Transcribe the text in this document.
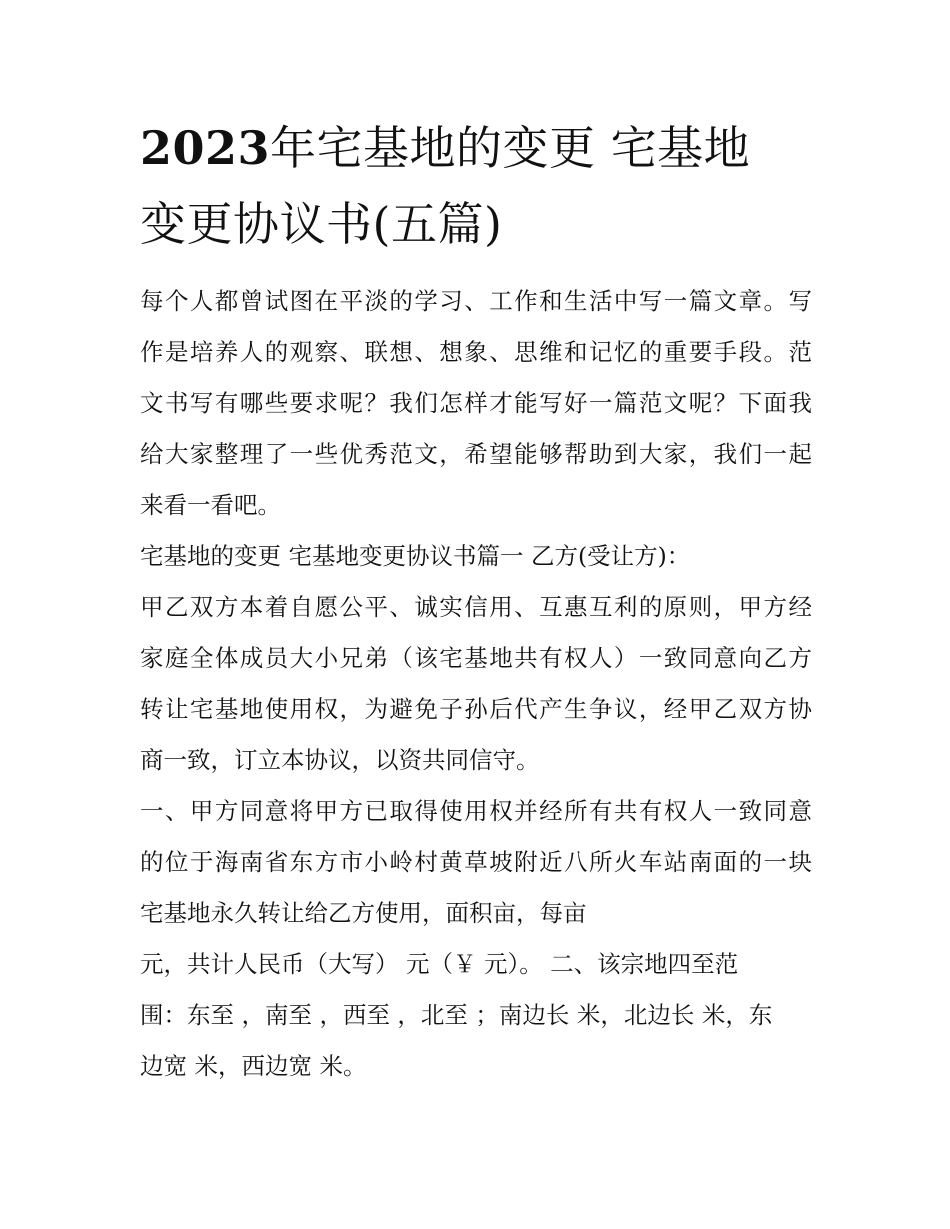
2023年宅基地的变更 宅基地
变更协议书(五篇)

每个人都曾试图在平淡的学习、工作和生活中写一篇文章。写
作是培养人的观察、联想、想象、思维和记忆的重要手段。范
文书写有哪些要求呢？我们怎样才能写好一篇范文呢？下面我
给大家整理了一些优秀范文，希望能够帮助到大家，我们一起
来看一看吧。

宅基地的变更 宅基地变更协议书篇一 乙方(受让方)：

甲乙双方本着自愿公平、诚实信用、互惠互利的原则，甲方经
家庭全体成员大小兄弟（该宅基地共有权人）一致同意向乙方
转让宅基地使用权，为避免子孙后代产生争议，经甲乙双方协
商一致，订立本协议，以资共同信守。

一、甲方同意将甲方已取得使用权并经所有共有权人一致同意
的位于海南省东方市小岭村黄草坡附近八所火车站南面的一块
宅基地永久转让给乙方使用，面积亩，每亩
元，共计人民币（大写） 元（￥ 元）。 二、该宗地四至范
围：东至 ，南至 ，西至 ，北至 ；南边长 米，北边长 米，东
边宽 米，西边宽 米。
